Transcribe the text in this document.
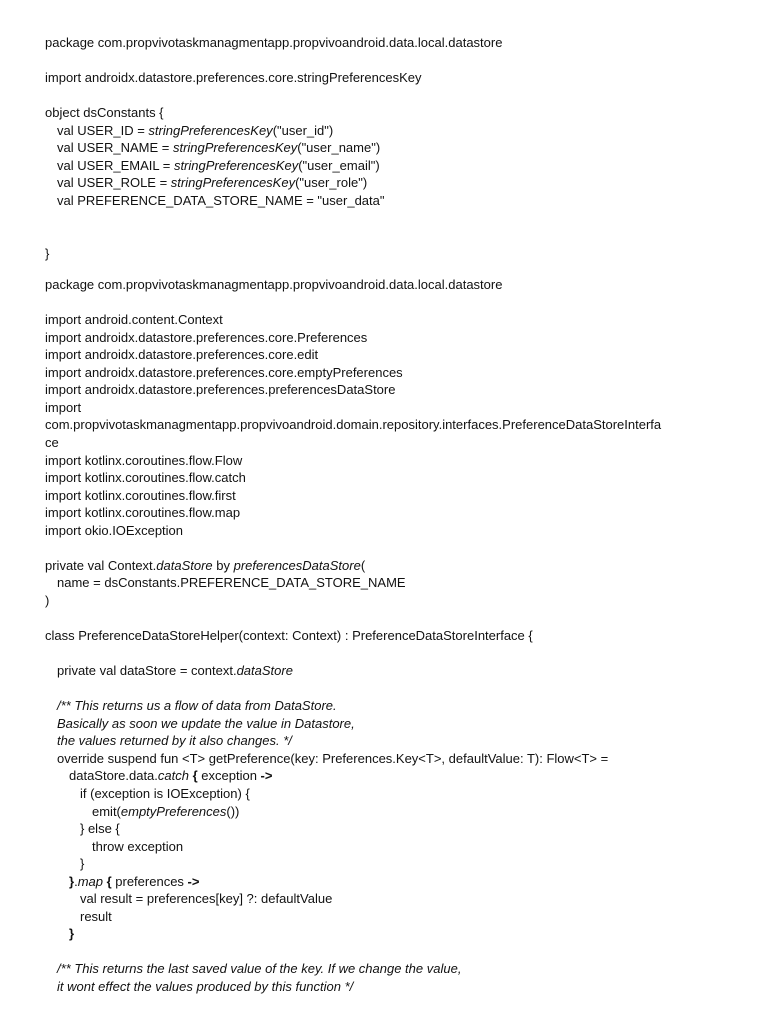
package com.propvivotaskmanagmentapp.propvivoandroid.data.local.datastore
import androidx.datastore.preferences.core.stringPreferencesKey
object dsConstants {
val USER_ID = stringPreferencesKey("user_id")
val USER_NAME = stringPreferencesKey("user_name")
val USER_EMAIL = stringPreferencesKey("user_email")
val USER_ROLE = stringPreferencesKey("user_role")
val PREFERENCE_DATA_STORE_NAME = "user_data"
}
package com.propvivotaskmanagmentapp.propvivoandroid.data.local.datastore
import android.content.Context
import androidx.datastore.preferences.core.Preferences
import androidx.datastore.preferences.core.edit
import androidx.datastore.preferences.core.emptyPreferences
import androidx.datastore.preferences.preferencesDataStore
import
com.propvivotaskmanagmentapp.propvivoandroid.domain.repository.interfaces.PreferenceDataStoreInterfa
ce
import kotlinx.coroutines.flow.Flow
import kotlinx.coroutines.flow.catch
import kotlinx.coroutines.flow.first
import kotlinx.coroutines.flow.map
import okio.IOException
private val Context.dataStore by preferencesDataStore(
name = dsConstants.PREFERENCE_DATA_STORE_NAME
)
class PreferenceDataStoreHelper(context: Context) : PreferenceDataStoreInterface {
private val dataStore = context.dataStore
/** This returns us a flow of data from DataStore.
Basically as soon we update the value in Datastore,
the values returned by it also changes. */
override suspend fun <T> getPreference(key: Preferences.Key<T>, defaultValue: T): Flow<T> =
dataStore.data.catch { exception ->
if (exception is IOException) {
emit(emptyPreferences())
} else {
throw exception
}
}.map { preferences ->
val result = preferences[key] ?: defaultValue
result
}
/** This returns the last saved value of the key. If we change the value,
it wont effect the values produced by this function */
